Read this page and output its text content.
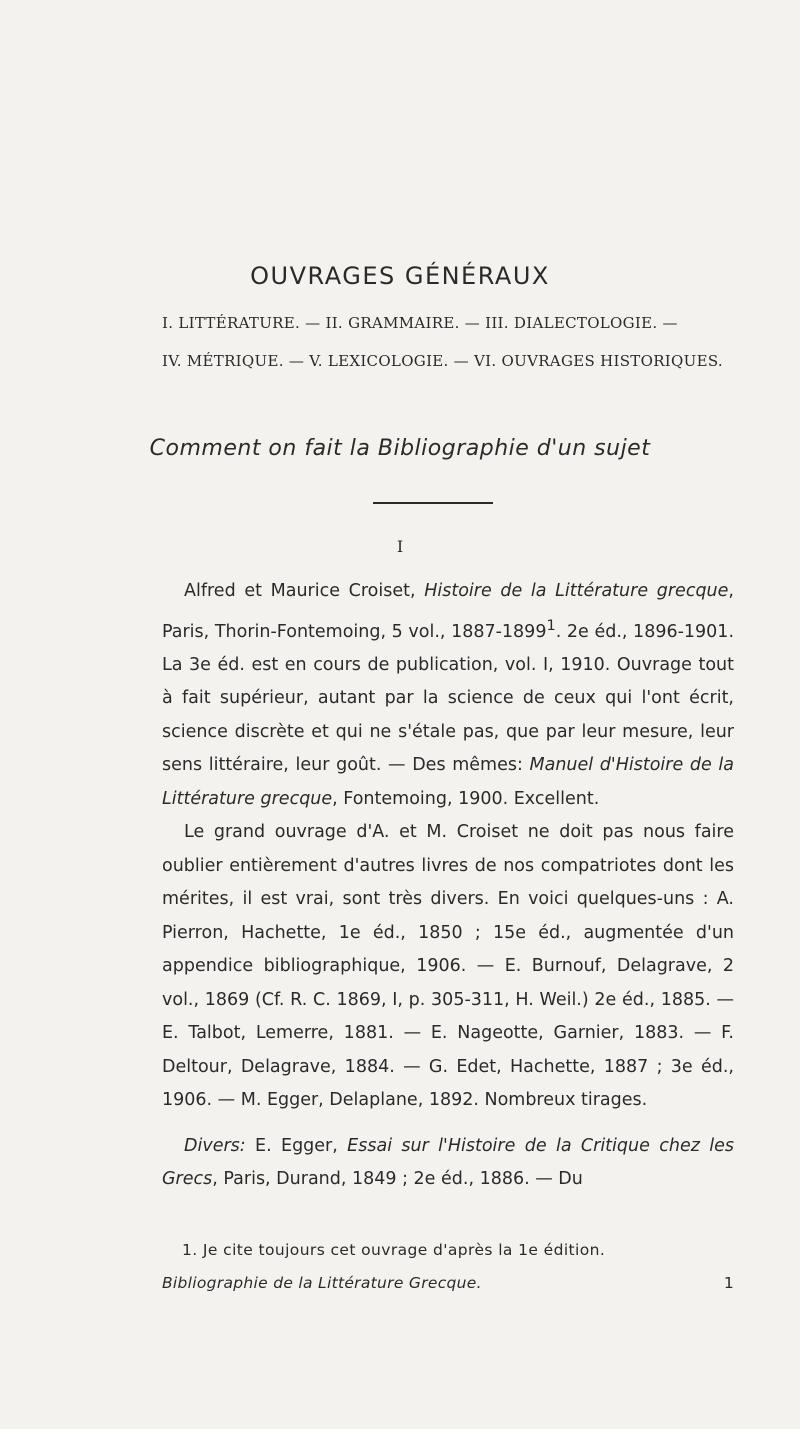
OUVRAGES GÉNÉRAUX
I. LITTÉRATURE. — II. GRAMMAIRE. — III. DIALECTOLOGIE. —
IV. MÉTRIQUE. — V. LEXICOLOGIE. — VI. OUVRAGES HISTORIQUES.
Comment on fait la Bibliographie d'un sujet
I

Alfred et Maurice Croiset, Histoire de la Littérature grecque, Paris, Thorin-Fontemoing, 5 vol., 1887-1899$^1$. 2e éd., 1896-1901. La 3e éd. est en cours de publication, vol. I, 1910. Ouvrage tout à fait supérieur, autant par la science de ceux qui l'ont écrit, science discrète et qui ne s'étale pas, que par leur mesure, leur sens littéraire, leur goût. — Des mêmes: Manuel d'Histoire de la Littérature grecque, Fontemoing, 1900. Excellent.

Le grand ouvrage d'A. et M. Croiset ne doit pas nous faire oublier entièrement d'autres livres de nos compatriotes dont les mérites, il est vrai, sont très divers. En voici quelques-uns : A. Pierron, Hachette, 1e éd., 1850 ; 15e éd., augmentée d'un appendice bibliographique, 1906. — E. Burnouf, Delagrave, 2 vol., 1869 (Cf. R. C. 1869, I, p. 305-311, H. Weil.) 2e éd., 1885. — E. Talbot, Lemerre, 1881. — E. Nageotte, Garnier, 1883. — F. Deltour, Delagrave, 1884. — G. Edet, Hachette, 1887 ; 3e éd., 1906. — M. Egger, Delaplane, 1892. Nombreux tirages.

Divers: E. Egger, Essai sur l'Histoire de la Critique chez les Grecs, Paris, Durand, 1849 ; 2e éd., 1886. — Du

1. Je cite toujours cet ouvrage d'après la 1e édition.
Bibliographie de la Littérature Grecque.	1
